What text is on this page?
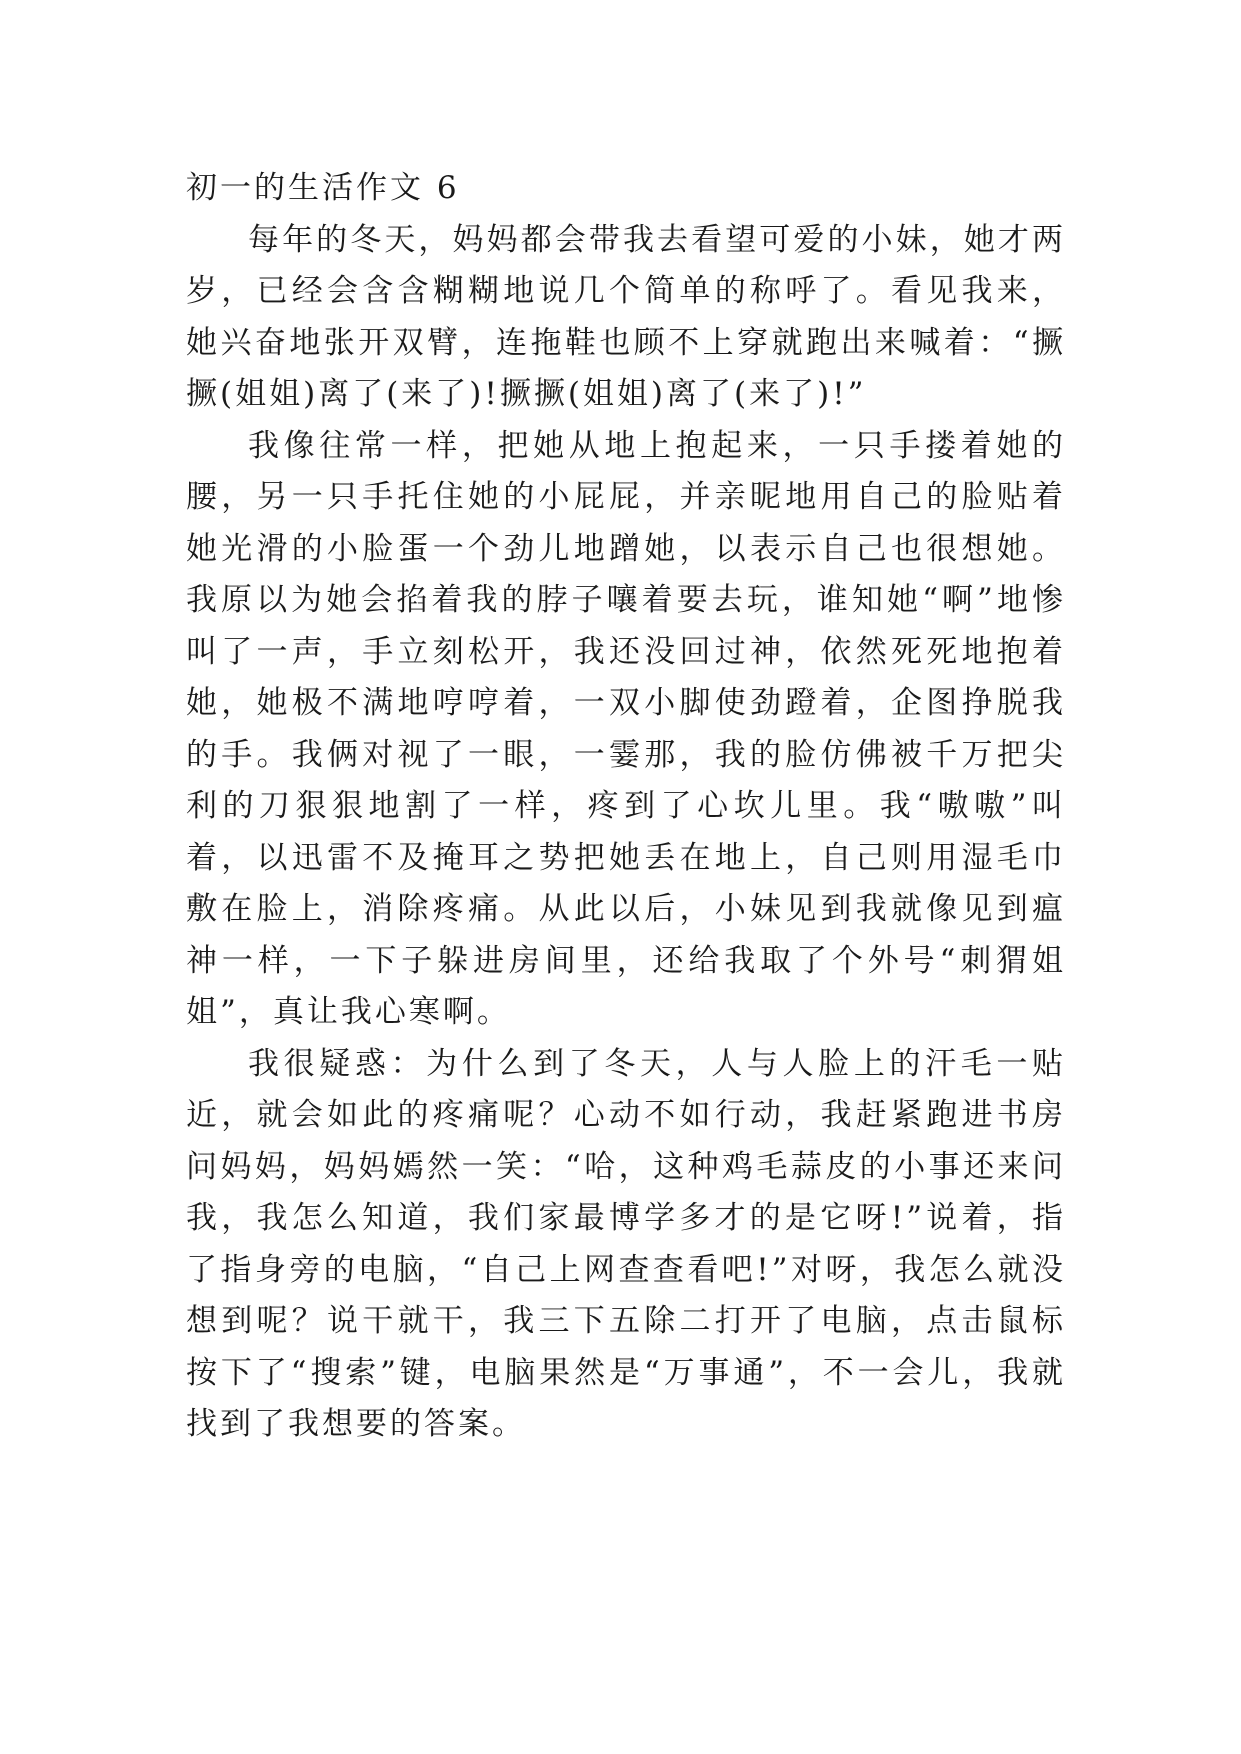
初一的生活作文 6

每年的冬天，妈妈都会带我去看望可爱的小妹，她才两岁，已经会含含糊糊地说几个简单的称呼了。看见我来，她兴奋地张开双臂，连拖鞋也顾不上穿就跑出来喊着：“撅撅(姐姐)离了(来了)!撅撅(姐姐)离了(来了)!”

我像往常一样，把她从地上抱起来，一只手搂着她的腰，另一只手托住她的小屁屁，并亲昵地用自己的脸贴着她光滑的小脸蛋一个劲儿地蹭她，以表示自己也很想她。我原以为她会掐着我的脖子嚷着要去玩，谁知她“啊”地惨叫了一声，手立刻松开，我还没回过神，依然死死地抱着她，她极不满地哼哼着，一双小脚使劲蹬着，企图挣脱我的手。我俩对视了一眼，一霎那，我的脸仿佛被千万把尖利的刀狠狠地割了一样，疼到了心坎儿里。我“嗷嗷”叫着，以迅雷不及掩耳之势把她丢在地上，自己则用湿毛巾敷在脸上，消除疼痛。从此以后，小妹见到我就像见到瘟神一样，一下子躲进房间里，还给我取了个外号“刺猬姐姐”，真让我心寒啊。

我很疑惑：为什么到了冬天，人与人脸上的汗毛一贴近，就会如此的疼痛呢？心动不如行动，我赶紧跑进书房问妈妈，妈妈嫣然一笑：“哈，这种鸡毛蒜皮的小事还来问我，我怎么知道，我们家最博学多才的是它呀!”说着，指了指身旁的电脑，“自己上网查查看吧!”对呀，我怎么就没想到呢？说干就干，我三下五除二打开了电脑，点击鼠标按下了“搜索”键，电脑果然是“万事通”，不一会儿，我就找到了我想要的答案。
